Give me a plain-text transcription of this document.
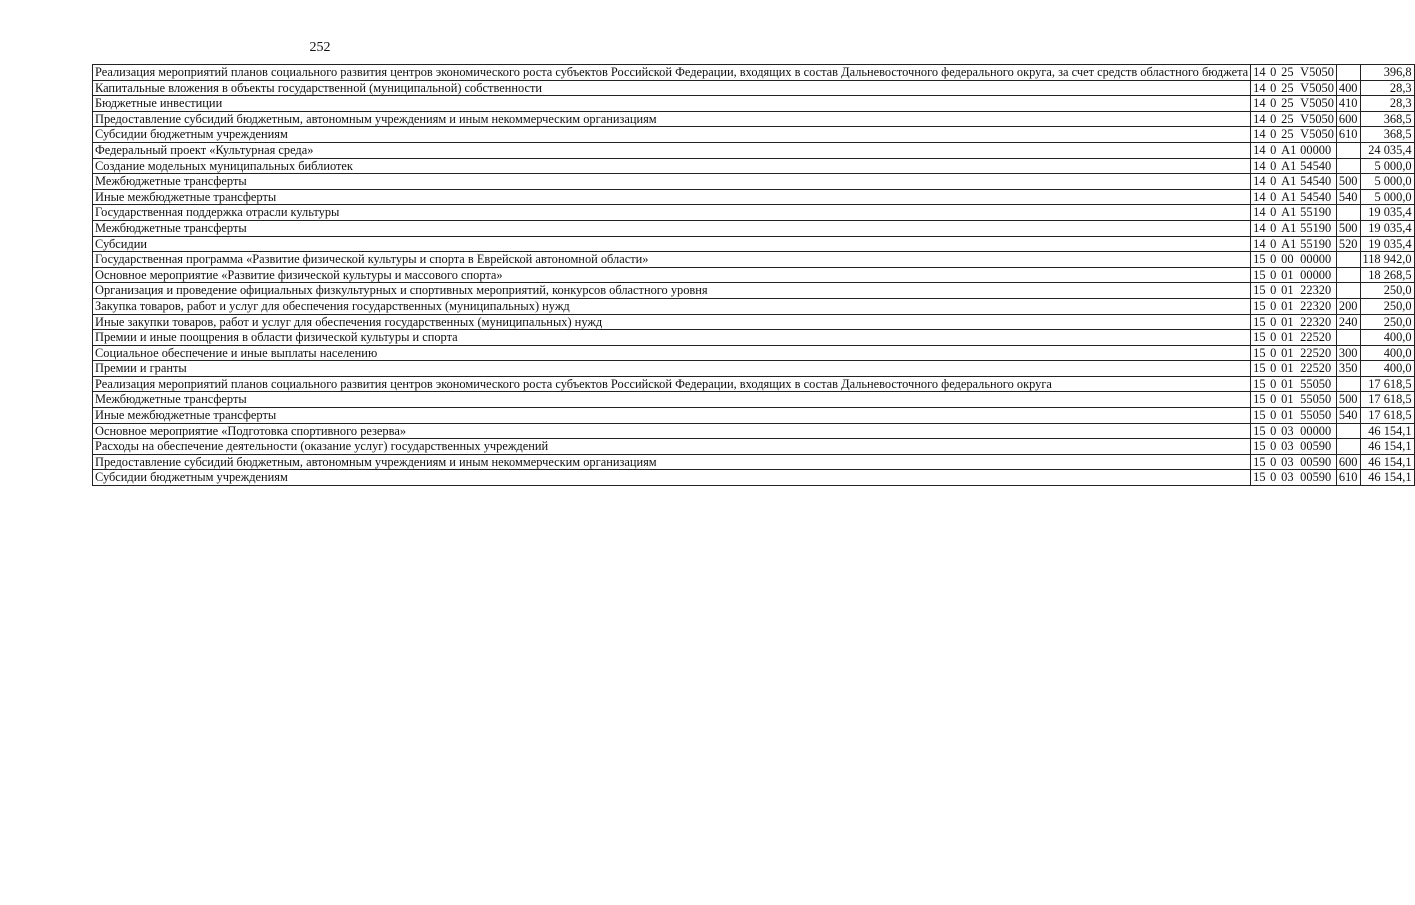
252
Реализация мероприятий планов социального развития центров экономического роста субъектов Российской Федерации, входящих в состав Дальневосточного федерального округа, за счет средств областного бюджета	14 0 25 V5050		396,8
Капитальные вложения в объекты государственной (муниципальной) собственности	14 0 25 V5050	400	28,3
Бюджетные инвестиции	14 0 25 V5050	410	28,3
Предоставление субсидий бюджетным, автономным учреждениям и иным некоммерческим организациям	14 0 25 V5050	600	368,5
Субсидии бюджетным учреждениям	14 0 25 V5050	610	368,5
Федеральный проект «Культурная среда»	14 0 A1 00000		24 035,4
Создание модельных муниципальных библиотек	14 0 A1 54540		5 000,0
Межбюджетные трансферты	14 0 A1 54540	500	5 000,0
Иные межбюджетные трансферты	14 0 A1 54540	540	5 000,0
Государственная поддержка отрасли культуры	14 0 A1 55190		19 035,4
Межбюджетные трансферты	14 0 A1 55190	500	19 035,4
Субсидии	14 0 A1 55190	520	19 035,4
Государственная программа «Развитие физической культуры и спорта в Еврейской автономной области»	15 0 00 00000		118 942,0
Основное мероприятие «Развитие физической культуры и массового спорта»	15 0 01 00000		18 268,5
Организация и проведение официальных физкультурных и спортивных мероприятий, конкурсов областного уровня	15 0 01 22320		250,0
Закупка товаров, работ и услуг для обеспечения государственных (муниципальных) нужд	15 0 01 22320	200	250,0
Иные закупки товаров, работ и услуг для обеспечения государственных (муниципальных) нужд	15 0 01 22320	240	250,0
Премии и иные поощрения в области физической культуры и спорта	15 0 01 22520		400,0
Социальное обеспечение и иные выплаты населению	15 0 01 22520	300	400,0
Премии и гранты	15 0 01 22520	350	400,0
Реализация мероприятий планов социального развития центров экономического роста субъектов Российской Федерации, входящих в состав Дальневосточного федерального округа	15 0 01 55050		17 618,5
Межбюджетные трансферты	15 0 01 55050	500	17 618,5
Иные межбюджетные трансферты	15 0 01 55050	540	17 618,5
Основное мероприятие «Подготовка спортивного резерва»	15 0 03 00000		46 154,1
Расходы на обеспечение деятельности (оказание услуг) государственных учреждений	15 0 03 00590		46 154,1
Предоставление субсидий бюджетным, автономным учреждениям и иным некоммерческим организациям	15 0 03 00590	600	46 154,1
Субсидии бюджетным учреждениям	15 0 03 00590	610	46 154,1
